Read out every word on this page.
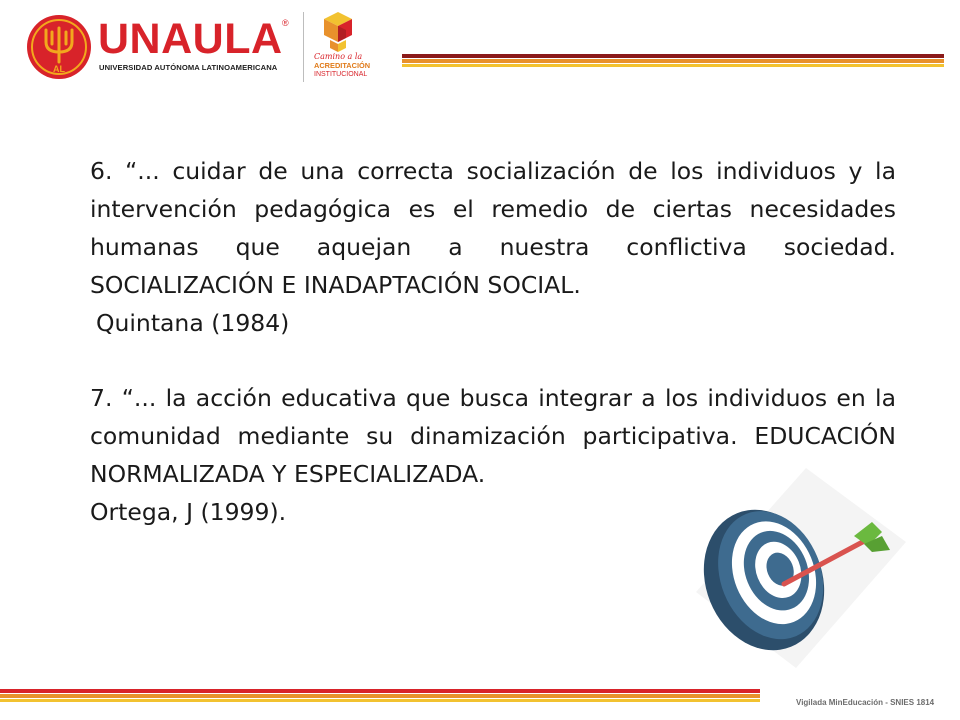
AL
UNAULA ®
UNIVERSIDAD AUTÓNOMA LATINOAMERICANA
Camino a la
ACREDITACIÓN
INSTITUCIONAL

6. “... cuidar de una correcta socialización de los individuos y la intervención pedagógica es el remedio de ciertas necesidades humanas que aquejan a nuestra conflictiva sociedad. SOCIALIZACIÓN E INADAPTACIÓN SOCIAL.

Quintana (1984)

7. “... la acción educativa que busca integrar a los individuos en la comunidad mediante su dinamización participativa. EDUCACIÓN NORMALIZADA Y ESPECIALIZADA.

Ortega, J (1999).

Vigilada MinEducación - SNIES 1814
